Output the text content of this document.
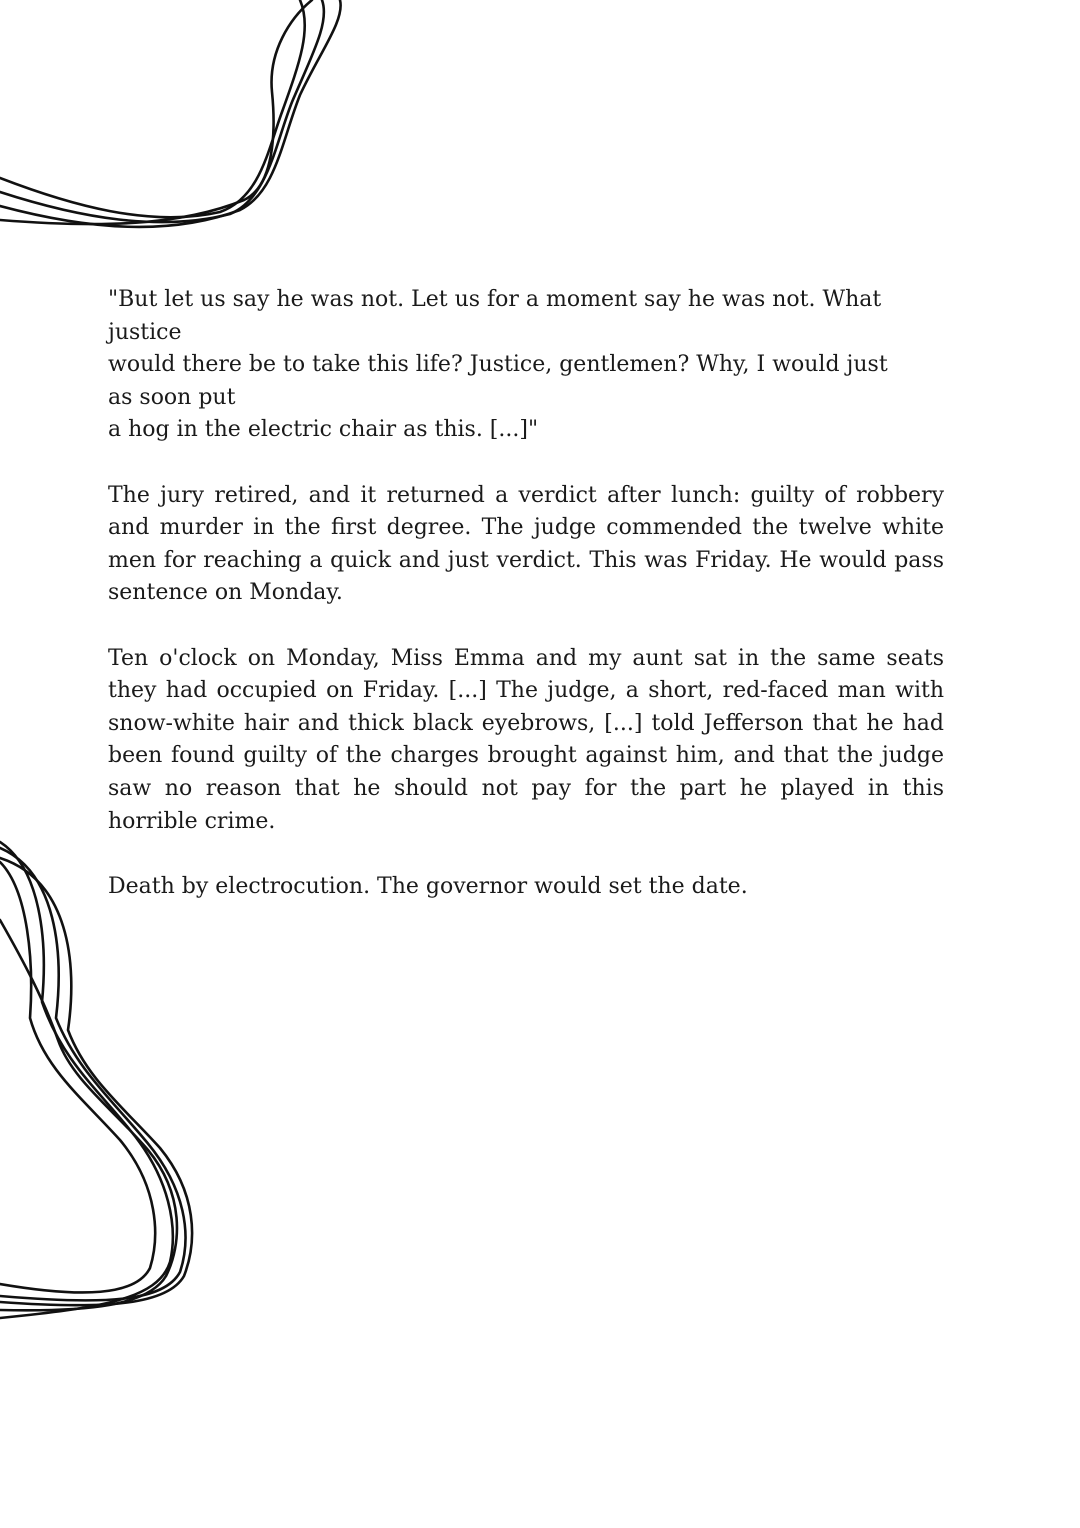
"But let us say he was not. Let us for a moment say he was not. What
justice
would there be to take this life? Justice, gentlemen? Why, I would just
as soon put
a hog in the electric chair as this. [...]"

The jury retired, and it returned a verdict after lunch: guilty of robbery and murder in the first degree. The judge commended the twelve white men for reaching a quick and just verdict. This was Friday. He would pass sentence on Monday.

Ten o'clock on Monday, Miss Emma and my aunt sat in the same seats they had occupied on Friday. [...] The judge, a short, red-faced man with snow-white hair and thick black eyebrows, [...] told Jefferson that he had been found guilty of the charges brought against him, and that the judge saw no reason that he should not pay for the part he played in this horrible crime.

Death by electrocution. The governor would set the date.
